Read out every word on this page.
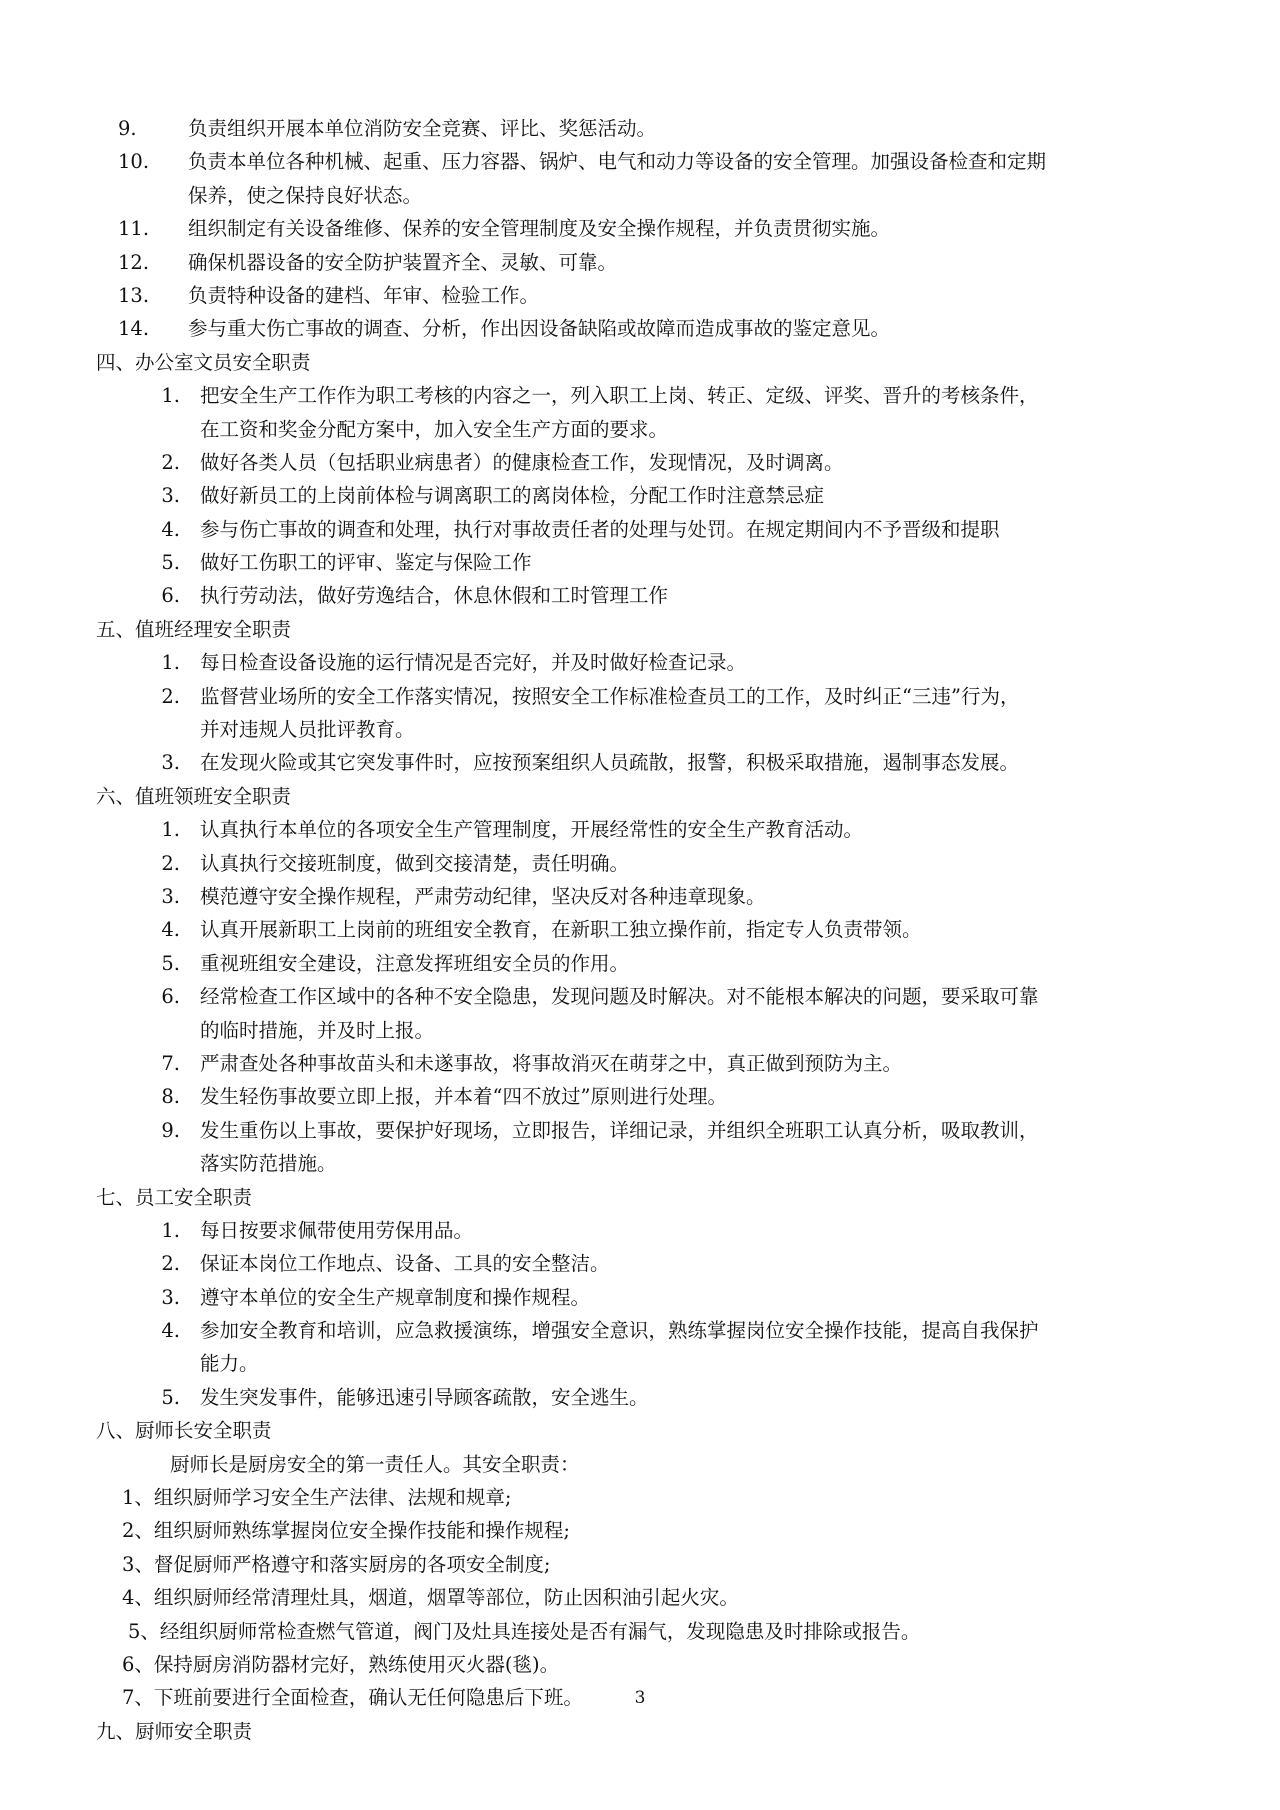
9.	负责组织开展本单位消防安全竞赛、评比、奖惩活动。
10.	负责本单位各种机械、起重、压力容器、锅炉、电气和动力等设备的安全管理。加强设备检查和定期
保养，使之保持良好状态。
11.	组织制定有关设备维修、保养的安全管理制度及安全操作规程，并负责贯彻实施。
12.	确保机器设备的安全防护装置齐全、灵敏、可靠。
13.	负责特种设备的建档、年审、检验工作。
14.	参与重大伤亡事故的调查、分析，作出因设备缺陷或故障而造成事故的鉴定意见。
四、办公室文员安全职责
1. 把安全生产工作作为职工考核的内容之一，列入职工上岗、转正、定级、评奖、晋升的考核条件，
在工资和奖金分配方案中，加入安全生产方面的要求。
2. 做好各类人员（包括职业病患者）的健康检查工作，发现情况，及时调离。
3. 做好新员工的上岗前体检与调离职工的离岗体检，分配工作时注意禁忌症
4. 参与伤亡事故的调查和处理，执行对事故责任者的处理与处罚。在规定期间内不予晋级和提职
5. 做好工伤职工的评审、鉴定与保险工作
6. 执行劳动法，做好劳逸结合，休息休假和工时管理工作
五、值班经理安全职责
1. 每日检查设备设施的运行情况是否完好，并及时做好检查记录。
2. 监督营业场所的安全工作落实情况，按照安全工作标准检查员工的工作，及时纠正“三违”行为，
并对违规人员批评教育。
3. 在发现火险或其它突发事件时，应按预案组织人员疏散，报警，积极采取措施，遏制事态发展。
六、值班领班安全职责
1. 认真执行本单位的各项安全生产管理制度，开展经常性的安全生产教育活动。
2. 认真执行交接班制度，做到交接清楚，责任明确。
3. 模范遵守安全操作规程，严肃劳动纪律，坚决反对各种违章现象。
4. 认真开展新职工上岗前的班组安全教育，在新职工独立操作前，指定专人负责带领。
5. 重视班组安全建设，注意发挥班组安全员的作用。
6. 经常检查工作区域中的各种不安全隐患，发现问题及时解决。对不能根本解决的问题，要采取可靠
的临时措施，并及时上报。
7. 严肃查处各种事故苗头和未遂事故，将事故消灭在萌芽之中，真正做到预防为主。
8. 发生轻伤事故要立即上报，并本着“四不放过”原则进行处理。
9. 发生重伤以上事故，要保护好现场，立即报告，详细记录，并组织全班职工认真分析，吸取教训，
落实防范措施。
七、员工安全职责
1. 每日按要求佩带使用劳保用品。
2. 保证本岗位工作地点、设备、工具的安全整洁。
3. 遵守本单位的安全生产规章制度和操作规程。
4. 参加安全教育和培训，应急救援演练，增强安全意识，熟练掌握岗位安全操作技能，提高自我保护
能力。
5. 发生突发事件，能够迅速引导顾客疏散，安全逃生。
八、厨师长安全职责
厨师长是厨房安全的第一责任人。其安全职责：
1、组织厨师学习安全生产法律、法规和规章;
2、组织厨师熟练掌握岗位安全操作技能和操作规程;
3、督促厨师严格遵守和落实厨房的各项安全制度;
4、组织厨师经常清理灶具，烟道，烟罩等部位，防止因积油引起火灾。
5、经组织厨师常检查燃气管道，阀门及灶具连接处是否有漏气，发现隐患及时排除或报告。
6、保持厨房消防器材完好，熟练使用灭火器(毯)。
7、下班前要进行全面检查，确认无任何隐患后下班。
九、厨师安全职责
3
